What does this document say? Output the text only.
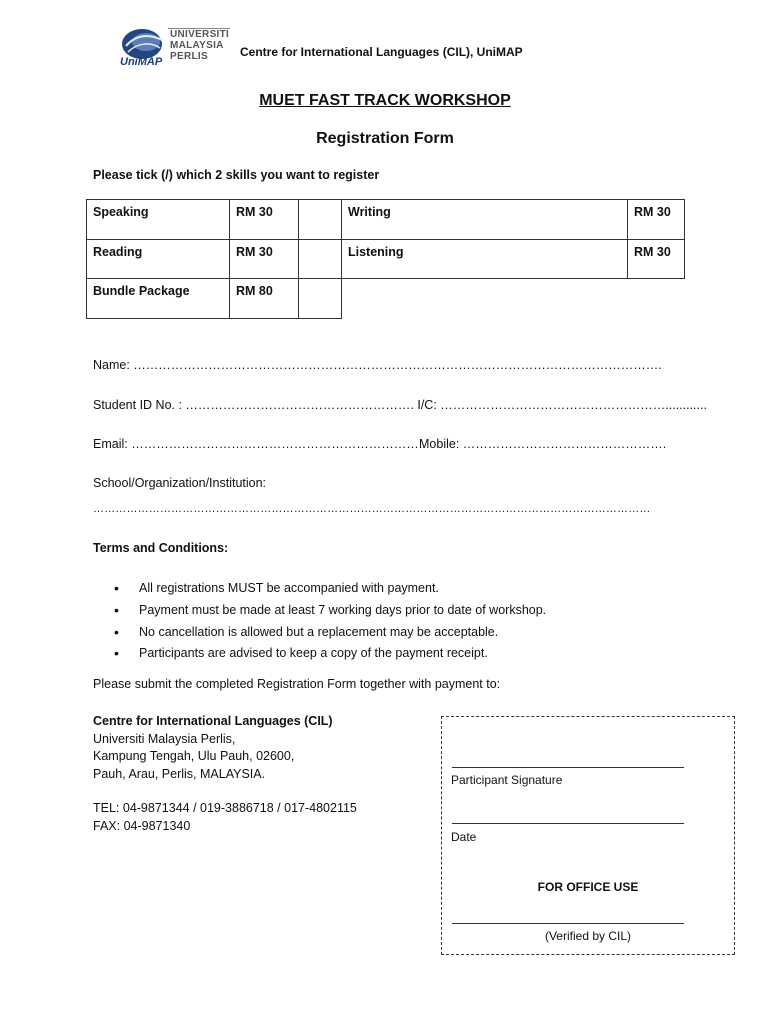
UNIVERSITI
MALAYSIA
PERLIS
UniMAP
Centre for International Languages (CIL), UniMAP
MUET FAST TRACK WORKSHOP
Registration Form
Please tick (/) which 2 skills you want to register
Speaking	RM 30	Writing	RM 30
Reading	RM 30	Listening	RM 30
Bundle Package	RM 80
Name: ……………………………………………………………………………………………………………….
Student ID No. : ………………………………………………. I/C: ………………………………………………............
Email: ……………………………………………………………..
Mobile: ………………………………………….
School/Organization/Institution:
……………………………………………………………………………………………………………………………………
Terms and Conditions:
• All registrations MUST be accompanied with payment.
• Payment must be made at least 7 working days prior to date of workshop.
• No cancellation is allowed but a replacement may be acceptable.
• Participants are advised to keep a copy of the payment receipt.
Please submit the completed Registration Form together with payment to:
Centre for International Languages (CIL)
Universiti Malaysia Perlis,
Kampung Tengah, Ulu Pauh, 02600,
Pauh, Arau, Perlis, MALAYSIA.
TEL: 04-9871344 / 019-3886718 / 017-4802115
FAX: 04-9871340
Participant Signature
Date
FOR OFFICE USE
(Verified by CIL)
